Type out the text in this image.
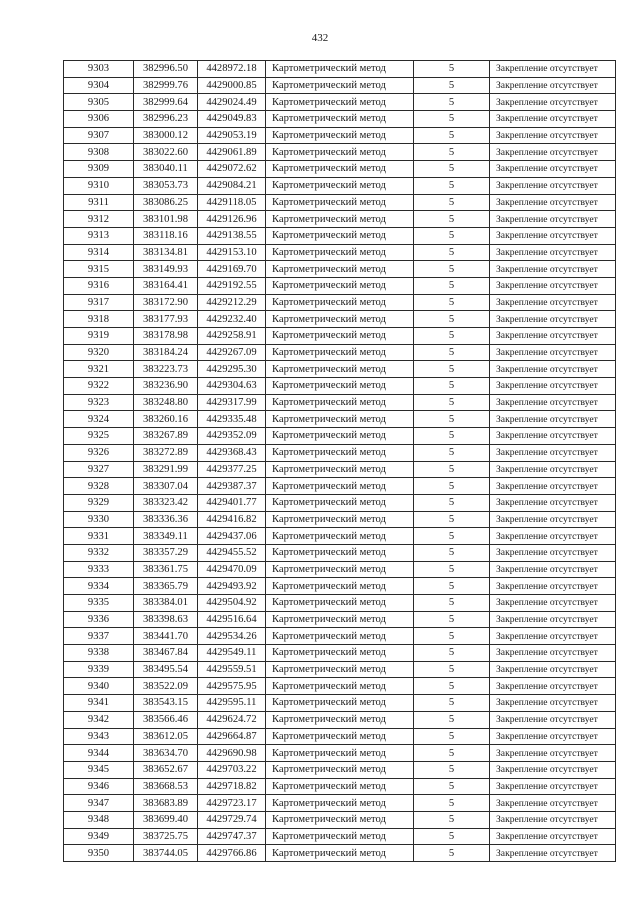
432
9303	382996.50	4428972.18	Картометрический метод	5	Закрепление отсутствует
9304	382999.76	4429000.85	Картометрический метод	5	Закрепление отсутствует
9305	382999.64	4429024.49	Картометрический метод	5	Закрепление отсутствует
9306	382996.23	4429049.83	Картометрический метод	5	Закрепление отсутствует
9307	383000.12	4429053.19	Картометрический метод	5	Закрепление отсутствует
9308	383022.60	4429061.89	Картометрический метод	5	Закрепление отсутствует
9309	383040.11	4429072.62	Картометрический метод	5	Закрепление отсутствует
9310	383053.73	4429084.21	Картометрический метод	5	Закрепление отсутствует
9311	383086.25	4429118.05	Картометрический метод	5	Закрепление отсутствует
9312	383101.98	4429126.96	Картометрический метод	5	Закрепление отсутствует
9313	383118.16	4429138.55	Картометрический метод	5	Закрепление отсутствует
9314	383134.81	4429153.10	Картометрический метод	5	Закрепление отсутствует
9315	383149.93	4429169.70	Картометрический метод	5	Закрепление отсутствует
9316	383164.41	4429192.55	Картометрический метод	5	Закрепление отсутствует
9317	383172.90	4429212.29	Картометрический метод	5	Закрепление отсутствует
9318	383177.93	4429232.40	Картометрический метод	5	Закрепление отсутствует
9319	383178.98	4429258.91	Картометрический метод	5	Закрепление отсутствует
9320	383184.24	4429267.09	Картометрический метод	5	Закрепление отсутствует
9321	383223.73	4429295.30	Картометрический метод	5	Закрепление отсутствует
9322	383236.90	4429304.63	Картометрический метод	5	Закрепление отсутствует
9323	383248.80	4429317.99	Картометрический метод	5	Закрепление отсутствует
9324	383260.16	4429335.48	Картометрический метод	5	Закрепление отсутствует
9325	383267.89	4429352.09	Картометрический метод	5	Закрепление отсутствует
9326	383272.89	4429368.43	Картометрический метод	5	Закрепление отсутствует
9327	383291.99	4429377.25	Картометрический метод	5	Закрепление отсутствует
9328	383307.04	4429387.37	Картометрический метод	5	Закрепление отсутствует
9329	383323.42	4429401.77	Картометрический метод	5	Закрепление отсутствует
9330	383336.36	4429416.82	Картометрический метод	5	Закрепление отсутствует
9331	383349.11	4429437.06	Картометрический метод	5	Закрепление отсутствует
9332	383357.29	4429455.52	Картометрический метод	5	Закрепление отсутствует
9333	383361.75	4429470.09	Картометрический метод	5	Закрепление отсутствует
9334	383365.79	4429493.92	Картометрический метод	5	Закрепление отсутствует
9335	383384.01	4429504.92	Картометрический метод	5	Закрепление отсутствует
9336	383398.63	4429516.64	Картометрический метод	5	Закрепление отсутствует
9337	383441.70	4429534.26	Картометрический метод	5	Закрепление отсутствует
9338	383467.84	4429549.11	Картометрический метод	5	Закрепление отсутствует
9339	383495.54	4429559.51	Картометрический метод	5	Закрепление отсутствует
9340	383522.09	4429575.95	Картометрический метод	5	Закрепление отсутствует
9341	383543.15	4429595.11	Картометрический метод	5	Закрепление отсутствует
9342	383566.46	4429624.72	Картометрический метод	5	Закрепление отсутствует
9343	383612.05	4429664.87	Картометрический метод	5	Закрепление отсутствует
9344	383634.70	4429690.98	Картометрический метод	5	Закрепление отсутствует
9345	383652.67	4429703.22	Картометрический метод	5	Закрепление отсутствует
9346	383668.53	4429718.82	Картометрический метод	5	Закрепление отсутствует
9347	383683.89	4429723.17	Картометрический метод	5	Закрепление отсутствует
9348	383699.40	4429729.74	Картометрический метод	5	Закрепление отсутствует
9349	383725.75	4429747.37	Картометрический метод	5	Закрепление отсутствует
9350	383744.05	4429766.86	Картометрический метод	5	Закрепление отсутствует
